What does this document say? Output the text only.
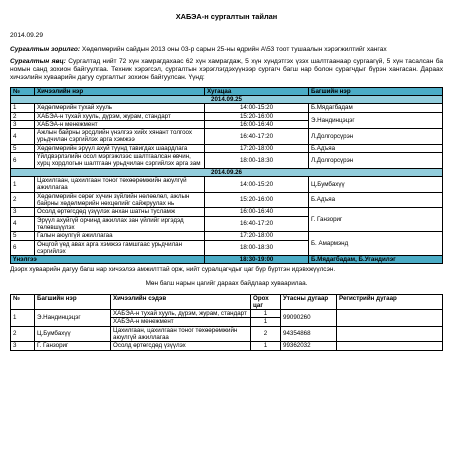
ХАБЭА-н сургалтын тайлан
2014.09.29
Сургалтын зорилго: Хөдөлмөрийн сайдын 2013 оны 03-р сарын 25-ны өдрийн А\53 тоот тушаалын хэрэгжилтийг хангах
Сургалтын явц: Сургалтад нийт 72 хүн хамрагдахаас 62 хүн хамрагдаж, 5 хүн хүндэтгэх үзэх шалтгаанаар сургаагүй, 5 хүн тасалсан ба номын санд зохион байгуулгаа. Техник хэрэгсэл, сургалтын хэрэглэгдэхүүнээр сургагч багш нар болон сурагчдыг бүрэн хангасан. Дараах хичээлийн хуваарийн дагуу сургалтыг зохион байгуулсан. Үүнд:
№	Хичээлийн нэр	Хугацаа	Багшийн нэр
2014.09.25			
1	Хөдөлмөрийн тухай хууль	14:00-15:20	Б.Мядагбадам
2	ХАБЭА-н тухай хууль, дүрэм, журам, стандарт	15:20-16:00	Э.Нандинцэцэг
3	ХАБЭА-н менежмент	16:00-16:40	
4	Ажлын байрны эрсдлийн үнэлгээ хийх хянант толгоох урьдчилан сэргийлэх арга хэмжээ	16:40-17:20	Л.Долгорсүрэн
5	Хөдөлмөрийн эрүүл ахуй түүнд тавигдах шаардлага	17:20-18:00	Б.Адъяа
6	Үйлдвэрлэлийн осол мэргэжлээс шалтгаалсан өвчин, хурц хордлогын шалтгаан урьдчилан сэргийлэх арга зам	18:00-18:30	Л.Долгорсүрэн
2014.09.26			
1	Цахилгаан, цахилгаан тоног төхөөрөмжийн аюулгүй ажиллагаа	14:00-15:20	Ц.Бумбахүү
2	Хөдөлмөрийн сөрөг хүчин зүйлийн нөлөөлөл, ажлын байрны хөдөлмөрийн нөхцөлийг сайжруулах нь	15:20-16:00	Б.Адъяа
3	Осолд өртөгсдөд үзүүлэх анхан шатны тусламж	16:00-16:40	Г. Ганзориг
4	Эрүүл ахуйгүй орчинд ажиллах зан үйлийг иргэдэд төлөвшүүлэх	16:40-17:20	
5	Галын аюулгүй ажиллагаа	17:20-18:00	Б. Амармэнд
6	Онцгой үед авах арга хэмжээ гамшгаас урьдчилан сэргийлэх	18:00-18:30	
Үнэлгээ		18:30-19:00	Б.Мядагбадам, Б.Угандилэг
Дээрх хуваарийн дагуу багш нар хичээлээ амжилттай орж, нийт суралцагчдыг цаг бүр бүртгэн идэвхжүүлсэн.
Мөн багш нарын цагийг дараах байдлаар хуваарилаа.
№	Багшийн нэр	Хичээлийн сэдэв	Орох цаг	Утасны дугаар	Регистрийн дугаар
1	Э.Нандинцэцэг	ХАБЭА-н тухай хууль, дүрэм, журам, стандарт	1	99090260	
		ХАБЭА-н менежмент	1		
2	Ц.Бумбахүү	Цахилгаан, цахилгаан тоног төхөөрөмжийн аюулгүй ажиллагаа	2	94354868	
3	Г. Ганзориг	Осолд өртөгсдөд үзүүлэх	1	99362032	
